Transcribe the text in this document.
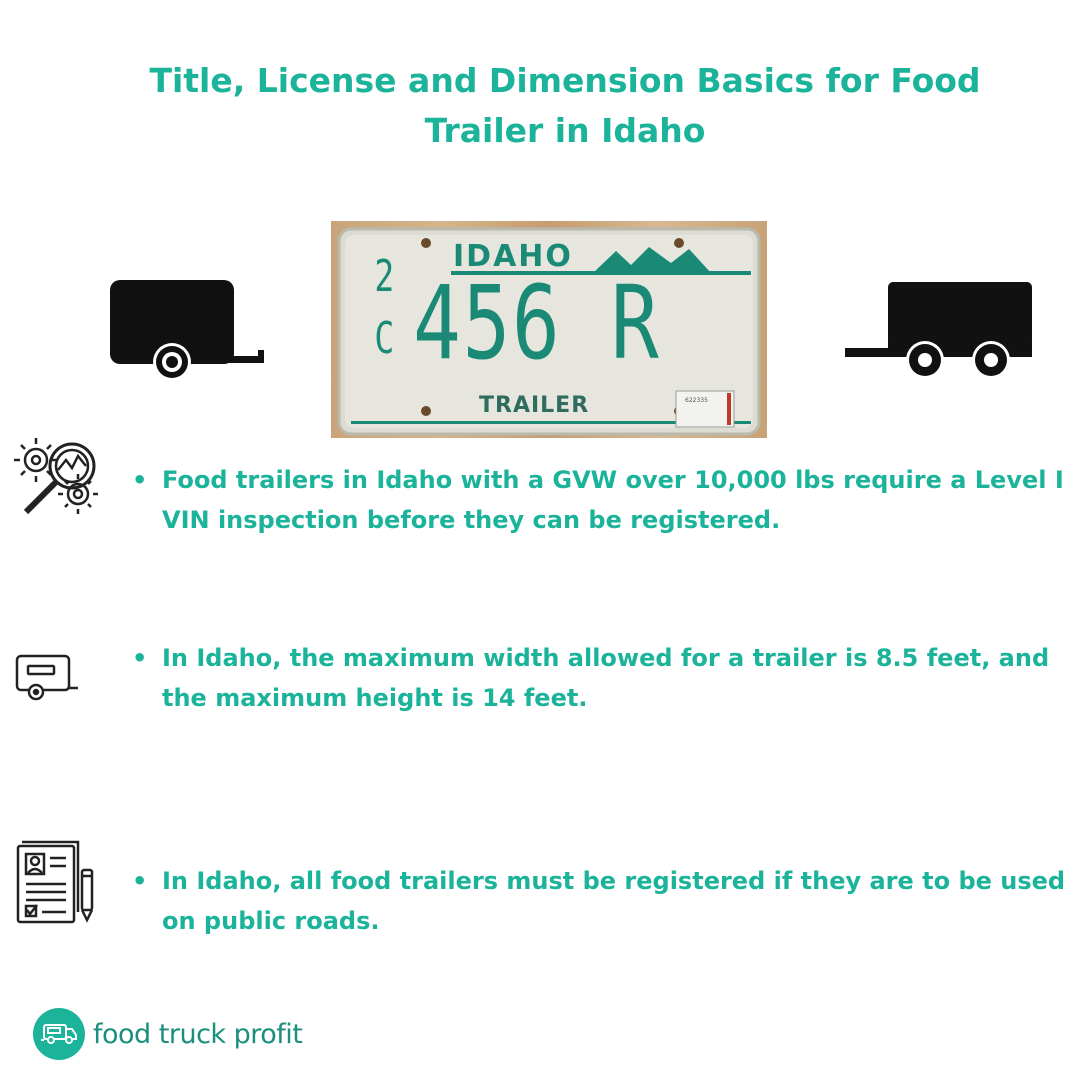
Title, License and Dimension Basics for Food
Trailer in Idaho
IDAHO
2
C 456 R
TRAILER	622335
• Food trailers in Idaho with a GVW over 10,000 lbs require a Level I VIN inspection before they can be registered.
• In Idaho, the maximum width allowed for a trailer is 8.5 feet, and the maximum height is 14 feet.
• In Idaho, all food trailers must be registered if they are to be used on public roads.
food truck profit
